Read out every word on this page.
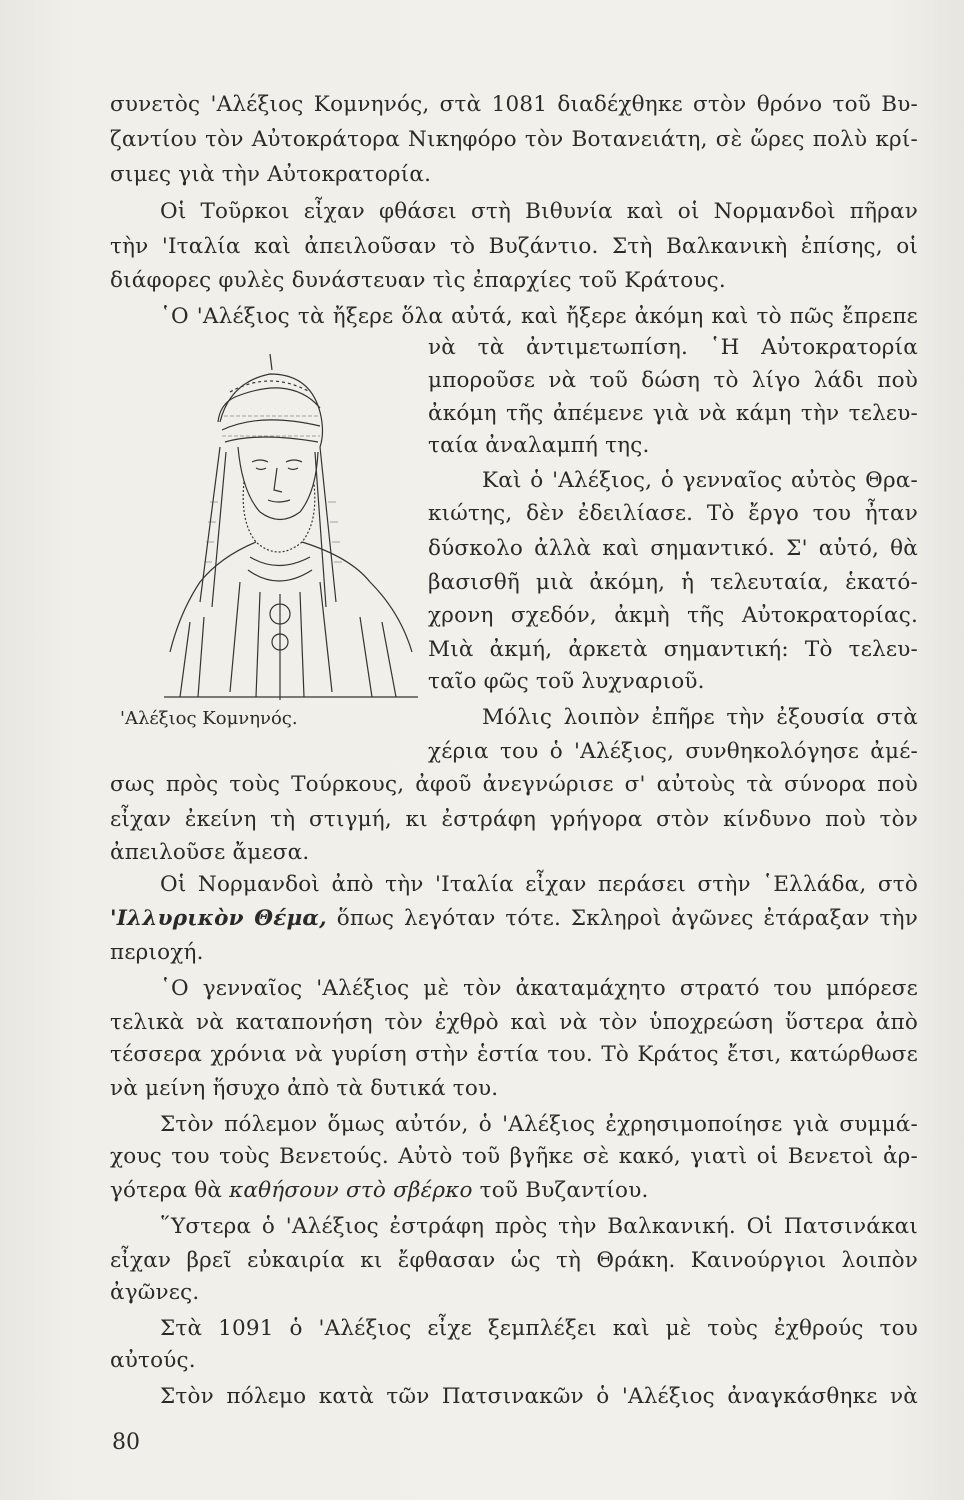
συνετὸς 'Αλέξιος Κομνηνός, στὰ 1081 διαδέχθηκε στὸν θρόνο τοῦ Βυ-
ζαντίου τὸν Αὐτοκράτορα Νικηφόρο τὸν Βοτανειάτη, σὲ ὥρες πολὺ κρί-
σιμες γιὰ τὴν Αὐτοκρατορία.
Οἱ Τοῦρκοι εἶχαν φθάσει στὴ Βιθυνία καὶ οἱ Νορμανδοὶ πῆραν
τὴν 'Ιταλία καὶ ἀπειλοῦσαν τὸ Βυζάντιο. Στὴ Βαλκανικὴ ἐπίσης, οἱ
διάφορες φυλὲς δυνάστευαν τὶς ἐπαρχίες τοῦ Κράτους.
῾Ο 'Αλέξιος τὰ ἤξερε ὅλα αὐτά, καὶ ἤξερε ἀκόμη καὶ τὸ πῶς ἔπρεπε
νὰ τὰ ἀντιμετωπίση. ῾Η Αὐτοκρατορία
μποροῦσε νὰ τοῦ δώση τὸ λίγο λάδι ποὺ
ἀκόμη τῆς ἀπέμενε γιὰ νὰ κάμη τὴν τελευ-
ταία ἀναλαμπή της.
Καὶ ὁ 'Αλέξιος, ὁ γενναῖος αὐτὸς Θρα-
κιώτης, δὲν ἐδειλίασε. Τὸ ἔργο του ἦταν
δύσκολο ἀλλὰ καὶ σημαντικό. Σ' αὐτό, θὰ
βασισθῆ μιὰ ἀκόμη, ἡ τελευταία, ἑκατό-
χρονη σχεδόν, ἀκμὴ τῆς Αὐτοκρατορίας.
Μιὰ ἀκμή, ἀρκετὰ σημαντική: Τὸ τελευ-
ταῖο φῶς τοῦ λυχναριοῦ.
Μόλις λοιπὸν ἐπῆρε τὴν ἐξουσία στὰ
χέρια του ὁ 'Αλέξιος, συνθηκολόγησε ἀμέ-
'Αλέξιος Κομνηνός.
σως πρὸς τοὺς Τούρκους, ἀφοῦ ἀνεγνώρισε σ' αὐτοὺς τὰ σύνορα ποὺ
εἶχαν ἐκείνη τὴ στιγμή, κι ἐστράφη γρήγορα στὸν κίνδυνο ποὺ τὸν
ἀπειλοῦσε ἄμεσα.
Οἱ Νορμανδοὶ ἀπὸ τὴν 'Ιταλία εἶχαν περάσει στὴν ῾Ελλάδα, στὸ
'Ιλλυρικὸν Θέμα, ὅπως λεγόταν τότε. Σκληροὶ ἀγῶνες ἐτάραξαν τὴν
περιοχή.
῾Ο γενναῖος 'Αλέξιος μὲ τὸν ἀκαταμάχητο στρατό του μπόρεσε
τελικὰ νὰ καταπονήση τὸν ἐχθρὸ καὶ νὰ τὸν ὑποχρεώση ὕστερα ἀπὸ
τέσσερα χρόνια νὰ γυρίση στὴν ἑστία του. Τὸ Κράτος ἔτσι, κατώρθωσε
νὰ μείνη ἥσυχο ἀπὸ τὰ δυτικά του.
Στὸν πόλεμον ὅμως αὐτόν, ὁ 'Αλέξιος ἐχρησιμοποίησε γιὰ συμμά-
χους του τοὺς Βενετούς. Αὐτὸ τοῦ βγῆκε σὲ κακό, γιατὶ οἱ Βενετοὶ ἀρ-
γότερα θὰ καθήσουν στὸ σβέρκο τοῦ Βυζαντίου.
῞Υστερα ὁ 'Αλέξιος ἐστράφη πρὸς τὴν Βαλκανική. Οἱ Πατσινάκαι
εἶχαν βρεῖ εὐκαιρία κι ἔφθασαν ὡς τὴ Θράκη. Καινούργιοι λοιπὸν
ἀγῶνες.
Στὰ 1091 ὁ 'Αλέξιος εἶχε ξεμπλέξει καὶ μὲ τοὺς ἐχθρούς του
αὐτούς.
Στὸν πόλεμο κατὰ τῶν Πατσινακῶν ὁ 'Αλέξιος ἀναγκάσθηκε νὰ
80
